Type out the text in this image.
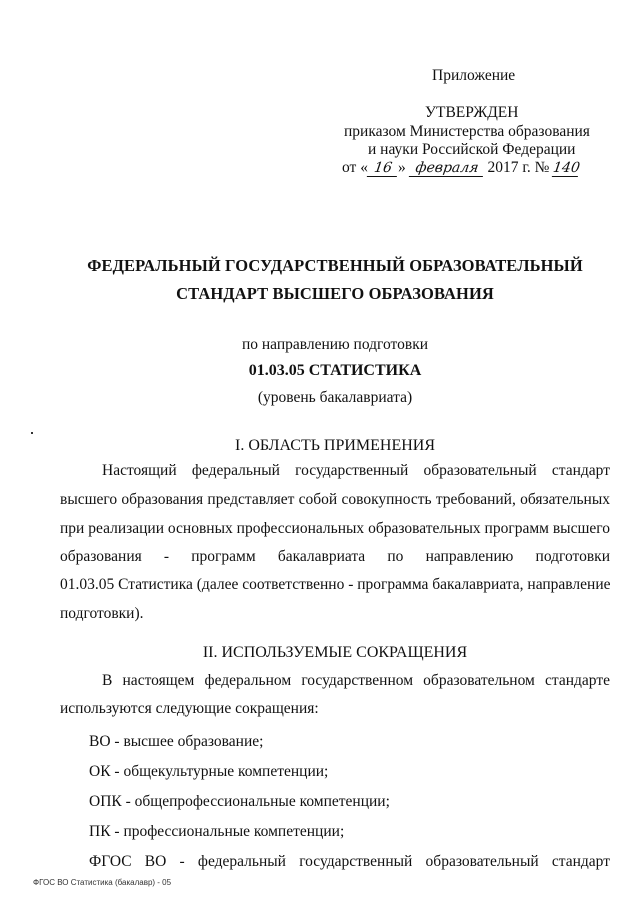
Приложение
УТВЕРЖДЕН
приказом Министерства образования
и науки Российской Федерации
от « 16 » февраля 2017 г. № 140
ФЕДЕРАЛЬНЫЙ ГОСУДАРСТВЕННЫЙ ОБРАЗОВАТЕЛЬНЫЙ
СТАНДАРТ ВЫСШЕГО ОБРАЗОВАНИЯ
по направлению подготовки
01.03.05 СТАТИСТИКА
(уровень бакалавриата)
I. ОБЛАСТЬ ПРИМЕНЕНИЯ
Настоящий федеральный государственный образовательный стандарт
высшего образования представляет собой совокупность требований, обязательных
при реализации основных профессиональных образовательных программ высшего
образования - программ бакалавриата по направлению подготовки
01.03.05 Статистика (далее соответственно - программа бакалавриата, направление
подготовки).
II. ИСПОЛЬЗУЕМЫЕ СОКРАЩЕНИЯ
В настоящем федеральном государственном образовательном стандарте
используются следующие сокращения:
ВО - высшее образование;
ОК - общекультурные компетенции;
ОПК - общепрофессиональные компетенции;
ПК - профессиональные компетенции;
ФГОС ВО - федеральный государственный образовательный стандарт
ФГОС ВО Статистика (бакалавр) - 05
